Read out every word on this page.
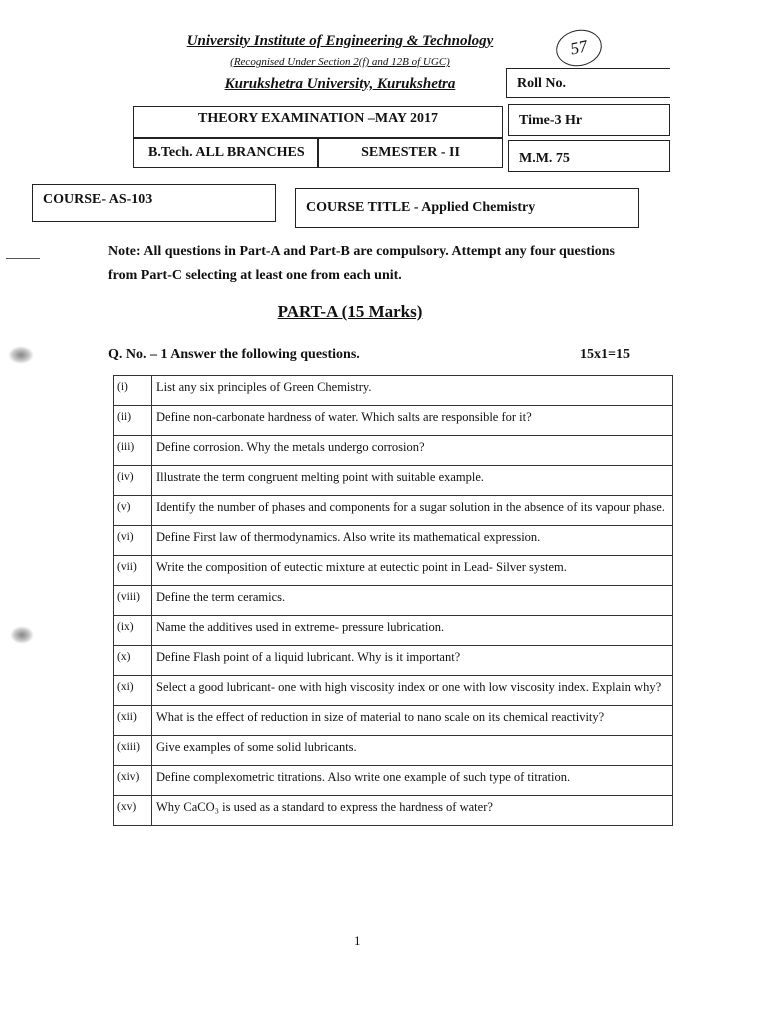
University Institute of Engineering & Technology
(Recognised Under Section 2(f) and 12B of UGC)
Kurukshetra University, Kurukshetra
57
Roll No.
THEORY EXAMINATION –MAY 2017	Time-3 Hr
B.Tech. ALL BRANCHES	SEMESTER - II	M.M. 75
COURSE- AS-103
COURSE TITLE - Applied Chemistry
Note: All questions in Part-A and Part-B are compulsory. Attempt any four questions from Part-C selecting at least one from each unit.
PART-A (15 Marks)
Q. No. – 1 Answer the following questions.	15x1=15
(i)	List any six principles of Green Chemistry.
(ii)	Define non-carbonate hardness of water. Which salts are responsible for it?
(iii)	Define corrosion. Why the metals undergo corrosion?
(iv)	Illustrate the term congruent melting point with suitable example.
(v)	Identify the number of phases and components for a sugar solution in the absence of its vapour phase.
(vi)	Define First law of thermodynamics. Also write its mathematical expression.
(vii)	Write the composition of eutectic mixture at eutectic point in Lead- Silver system.
(viii)	Define the term ceramics.
(ix)	Name the additives used in extreme- pressure lubrication.
(x)	Define Flash point of a liquid lubricant. Why is it important?
(xi)	Select a good lubricant- one with high viscosity index or one with low viscosity index. Explain why?
(xii)	What is the effect of reduction in size of material to nano scale on its chemical reactivity?
(xiii)	Give examples of some solid lubricants.
(xiv)	Define complexometric titrations. Also write one example of such type of titration.
(xv)	Why CaCO₃ is used as a standard to express the hardness of water?
1
